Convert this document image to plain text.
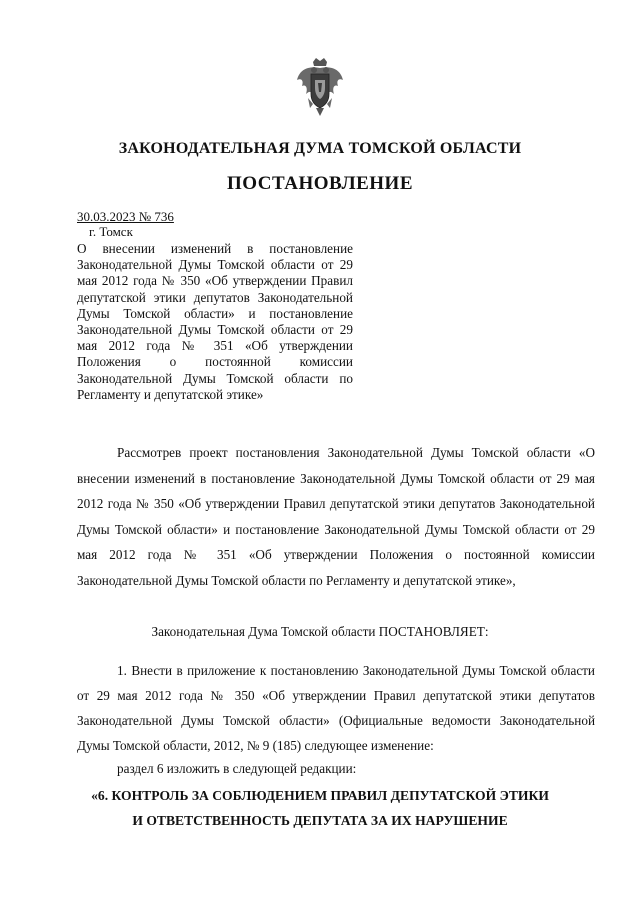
ЗАКОНОДАТЕЛЬНАЯ ДУМА ТОМСКОЙ ОБЛАСТИ
ПОСТАНОВЛЕНИЕ
30.03.2023 № 736
г. Томск

О внесении изменений в постановление Законодательной Думы Томской области от 29 мая 2012 года № 350 «Об утверждении Правил депутатской этики депутатов Законодательной Думы Томской области» и постановление Законодательной Думы Томской области от 29 мая 2012 года № 351 «Об утверждении Положения о постоянной комиссии Законодательной Думы Томской области по Регламенту и депутатской этике»

Рассмотрев проект постановления Законодательной Думы Томской области «О внесении изменений в постановление Законодательной Думы Томской области от 29 мая 2012 года № 350 «Об утверждении Правил депутатской этики депутатов Законодательной Думы Томской области» и постановление Законодательной Думы Томской области от 29 мая 2012 года № 351 «Об утверждении Положения о постоянной комиссии Законодательной Думы Томской области по Регламенту и депутатской этике»,

Законодательная Дума Томской области ПОСТАНОВЛЯЕТ:

1. Внести в приложение к постановлению Законодательной Думы Томской области от 29 мая 2012 года № 350 «Об утверждении Правил депутатской этики депутатов Законодательной Думы Томской области» (Официальные ведомости Законодательной Думы Томской области, 2012, № 9 (185) следующее изменение:

раздел 6 изложить в следующей редакции:

«6. КОНТРОЛЬ ЗА СОБЛЮДЕНИЕМ ПРАВИЛ ДЕПУТАТСКОЙ ЭТИКИ
И ОТВЕТСТВЕННОСТЬ ДЕПУТАТА ЗА ИХ НАРУШЕНИЕ
